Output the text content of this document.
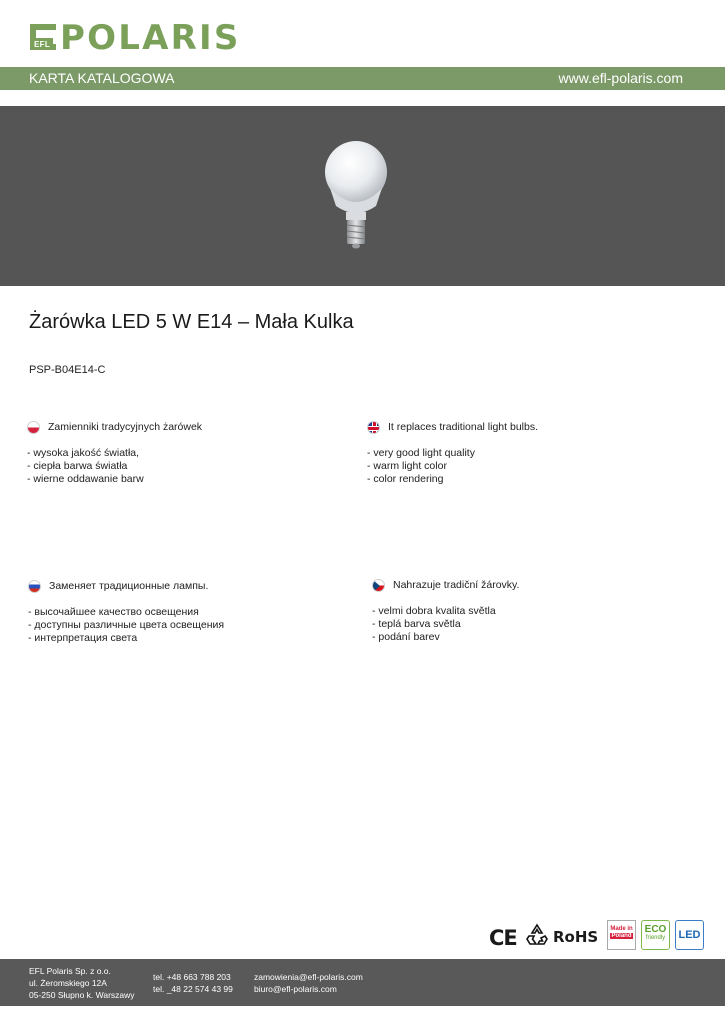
EFL POLARIS
KARTA KATALOGOWA	www.efl-polaris.com
Żarówka LED 5 W E14 – Mała Kulka
PSP-B04E14-C
Zamienniki tradycyjnych żarówek
- wysoka jakość światła,
- ciepła barwa światła
- wierne oddawanie barw
It replaces traditional light bulbs.
- very good light quality
- warm light color
- color rendering
Заменяет традиционные лампы.
- высочайшее качество освещения
- доступны различные цвета освещения
- интерпретация света
Nahrazuje tradiční žárovky.
- velmi dobra kvalita světla
- teplá barva světla
- podání barev
CE RoHS	Made in
Poland
ECO
friendly	LED
EFL Polaris Sp. z o.o.
ul. Żeromskiego 12A
05-250 Słupno k. Warszawy
tel. +48 663 788 203
tel. _48 22 574 43 99
zamowienia@efl-polaris.com
biuro@efl-polaris.com
